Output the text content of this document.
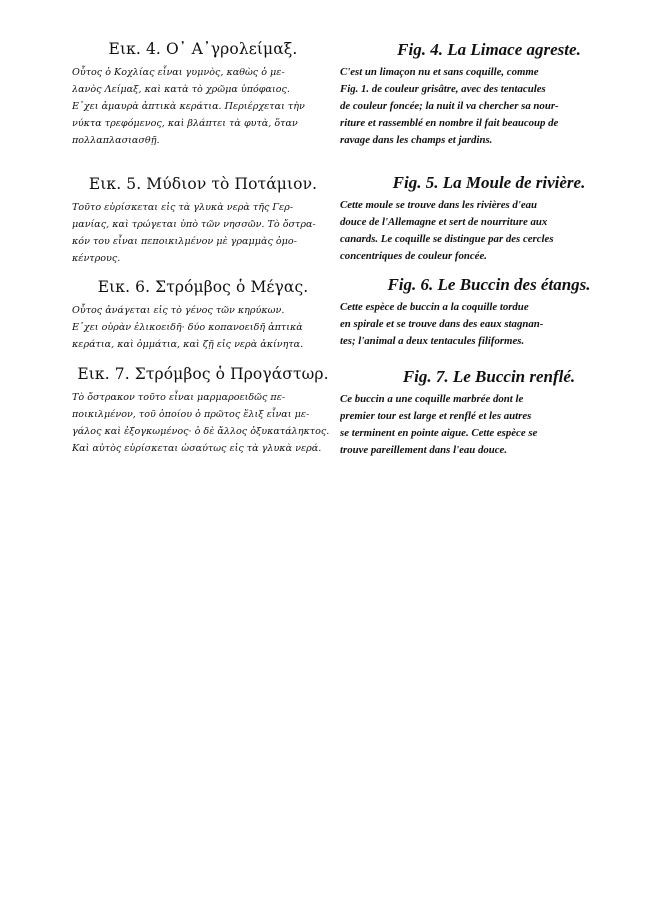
Εικ. 4. Ο᾽ Α᾽γρολείμαξ.
Οὗτος ὁ Κοχλίας εἶναι γυμνὸς, καθὼς ὁ με-
λανὸς Λείμαξ, καὶ κατὰ τὸ χρῶμα ὑπόφαιος.
Ε᾽χει ἀμαυρὰ ἀπτικὰ κεράτια. Περιέρχεται τὴν
νύκτα τρεφόμενος, καὶ βλάπτει τὰ φυτὰ, ὅταν
πολλαπλασιασθῇ.
Εικ. 5. Μύδιον τὸ Ποτάμιον.
Τοῦτο εὑρίσκεται εἰς τὰ γλυκὰ νερὰ τῆς Γερ-
μανίας, καὶ τρώγεται ὑπὸ τῶν νησσῶν. Τὸ ὄστρα-
κόν του εἶναι πεποικιλμένον μὲ γραμμὰς ὁμο-
κέντρους.
Εικ. 6. Στρόμβος ὁ Μέγας.
Οὗτος ἀνάγεται εἰς τὸ γένος τῶν κηρύκων.
Ε᾽χει οὐρὰν ἑλικοειδῆ· δύο κοπανοειδῆ ἀπτικὰ
κεράτια, καὶ ὀμμάτια, καὶ ζῇ εἰς νερὰ ἀκίνητα.
Εικ. 7. Στρόμβος ὁ Προγάστωρ.
Τὸ ὄστρακον τοῦτο εἶναι μαρμαροειδῶς πε-
ποικιλμένον, τοῦ ὁποίου ὁ πρῶτος ἕλιξ εἶναι με-
γάλος καὶ ἐξογκωμένος· ὁ δὲ ἄλλος ὀξυκατάληκτος.
Καὶ αὐτὸς εὑρίσκεται ὡσαύτως εἰς τὰ γλυκὰ νερά.
Fig. 4. La Limace agreste.
C'est un limaçon nu et sans coquille, comme
Fig. 1. de couleur grisâtre, avec des tentacules
de couleur foncée; la nuit il va chercher sa nour-
riture et rassemblé en nombre il fait beaucoup de
ravage dans les champs et jardins.
Fig. 5. La Moule de rivière.
Cette moule se trouve dans les rivières d'eau
douce de l'Allemagne et sert de nourriture aux
canards. Le coquille se distingue par des cercles
concentriques de couleur foncée.
Fig. 6. Le Buccin des étangs.
Cette espèce de buccin a la coquille tordue
en spirale et se trouve dans des eaux stagnan-
tes; l'animal a deux tentacules filiformes.
Fig. 7. Le Buccin renflé.
Ce buccin a une coquille marbrée dont le
premier tour est large et renflé et les autres
se terminent en pointe aigue. Cette espèce se
trouve pareillement dans l'eau douce.
